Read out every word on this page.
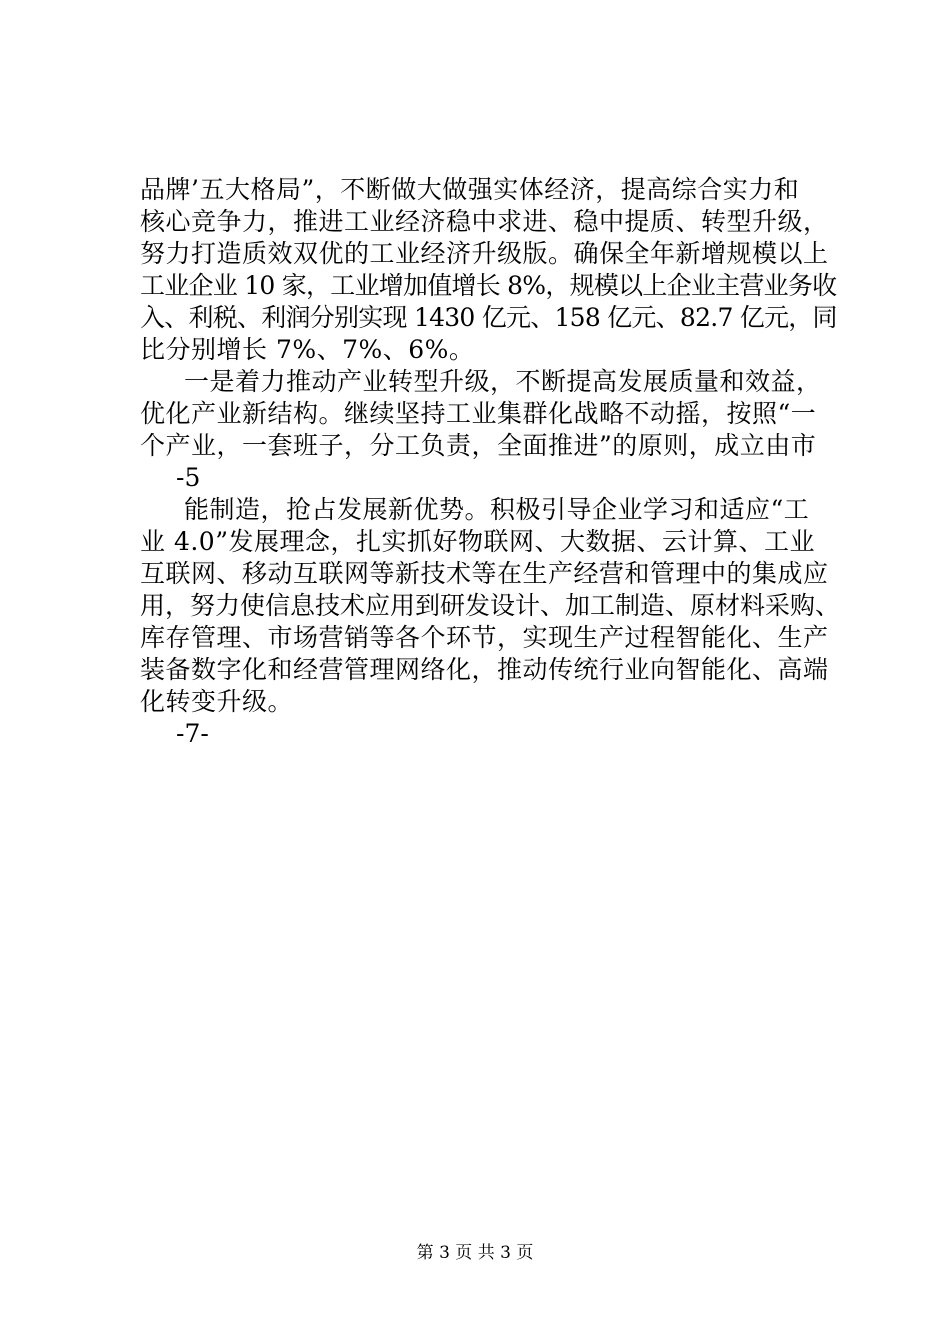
品牌’五大格局”，不断做大做强实体经济，提高综合实力和
核心竞争力，推进工业经济稳中求进、稳中提质、转型升级，
努力打造质效双优的工业经济升级版。确保全年新增规模以上
工业企业 10 家，工业增加值增长 8%，规模以上企业主营业务收
入、利税、利润分别实现 1430 亿元、158 亿元、82.7 亿元，同
比分别增长 7%、7%、6%。
一是着力推动产业转型升级，不断提高发展质量和效益，
优化产业新结构。继续坚持工业集群化战略不动摇，按照“一
个产业，一套班子，分工负责，全面推进”的原则，成立由市
-5
能制造，抢占发展新优势。积极引导企业学习和适应“工
业 4.0”发展理念，扎实抓好物联网、大数据、云计算、工业
互联网、移动互联网等新技术等在生产经营和管理中的集成应
用，努力使信息技术应用到研发设计、加工制造、原材料采购、
库存管理、市场营销等各个环节，实现生产过程智能化、生产
装备数字化和经营管理网络化，推动传统行业向智能化、高端
化转变升级。
-7-
第 3 页 共 3 页
